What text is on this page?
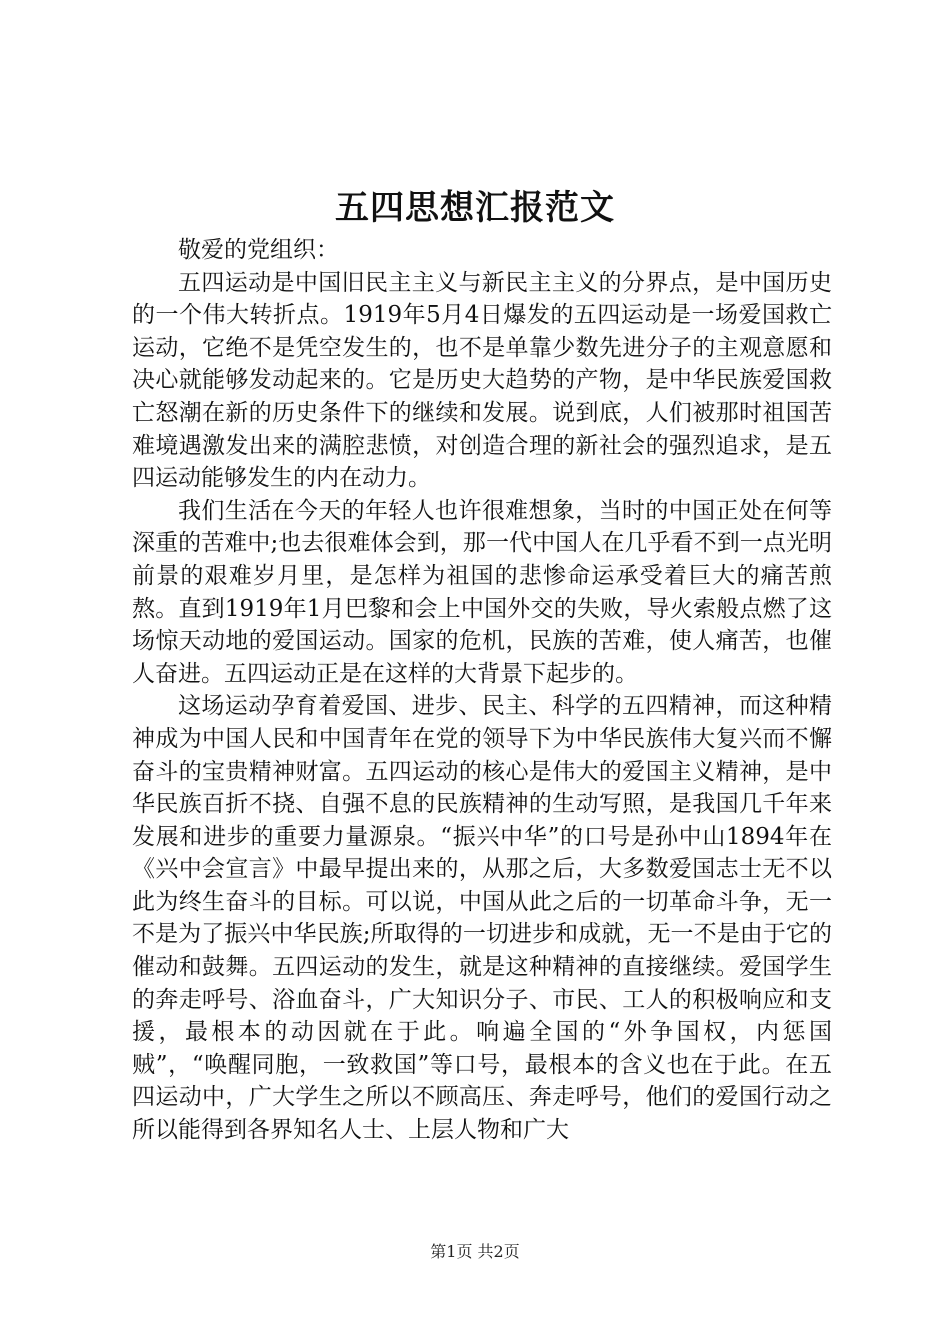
五四思想汇报范文

敬爱的党组织：

五四运动是中国旧民主主义与新民主主义的分界点，是中国历史的一个伟大转折点。1919年5月4日爆发的五四运动是一场爱国救亡运动，它绝不是凭空发生的，也不是单靠少数先进分子的主观意愿和决心就能够发动起来的。它是历史大趋势的产物，是中华民族爱国救亡怒潮在新的历史条件下的继续和发展。说到底，人们被那时祖国苦难境遇激发出来的满腔悲愤，对创造合理的新社会的强烈追求，是五四运动能够发生的内在动力。

我们生活在今天的年轻人也许很难想象，当时的中国正处在何等深重的苦难中;也去很难体会到，那一代中国人在几乎看不到一点光明前景的艰难岁月里，是怎样为祖国的悲惨命运承受着巨大的痛苦煎熬。直到1919年1月巴黎和会上中国外交的失败，导火索般点燃了这场惊天动地的爱国运动。国家的危机，民族的苦难，使人痛苦，也催人奋进。五四运动正是在这样的大背景下起步的。

这场运动孕育着爱国、进步、民主、科学的五四精神，而这种精神成为中国人民和中国青年在党的领导下为中华民族伟大复兴而不懈奋斗的宝贵精神财富。五四运动的核心是伟大的爱国主义精神，是中华民族百折不挠、自强不息的民族精神的生动写照，是我国几千年来发展和进步的重要力量源泉。“振兴中华”的口号是孙中山1894年在《兴中会宣言》中最早提出来的，从那之后，大多数爱国志士无不以此为终生奋斗的目标。可以说，中国从此之后的一切革命斗争，无一不是为了振兴中华民族;所取得的一切进步和成就，无一不是由于它的催动和鼓舞。五四运动的发生，就是这种精神的直接继续。爱国学生的奔走呼号、浴血奋斗，广大知识分子、市民、工人的积极响应和支援，最根本的动因就在于此。响遍全国的“外争国权，内惩国贼”，“唤醒同胞，一致救国”等口号，最根本的含义也在于此。在五四运动中，广大学生之所以不顾高压、奔走呼号，他们的爱国行动之所以能得到各界知名人士、上层人物和广大

第1页 共2页
